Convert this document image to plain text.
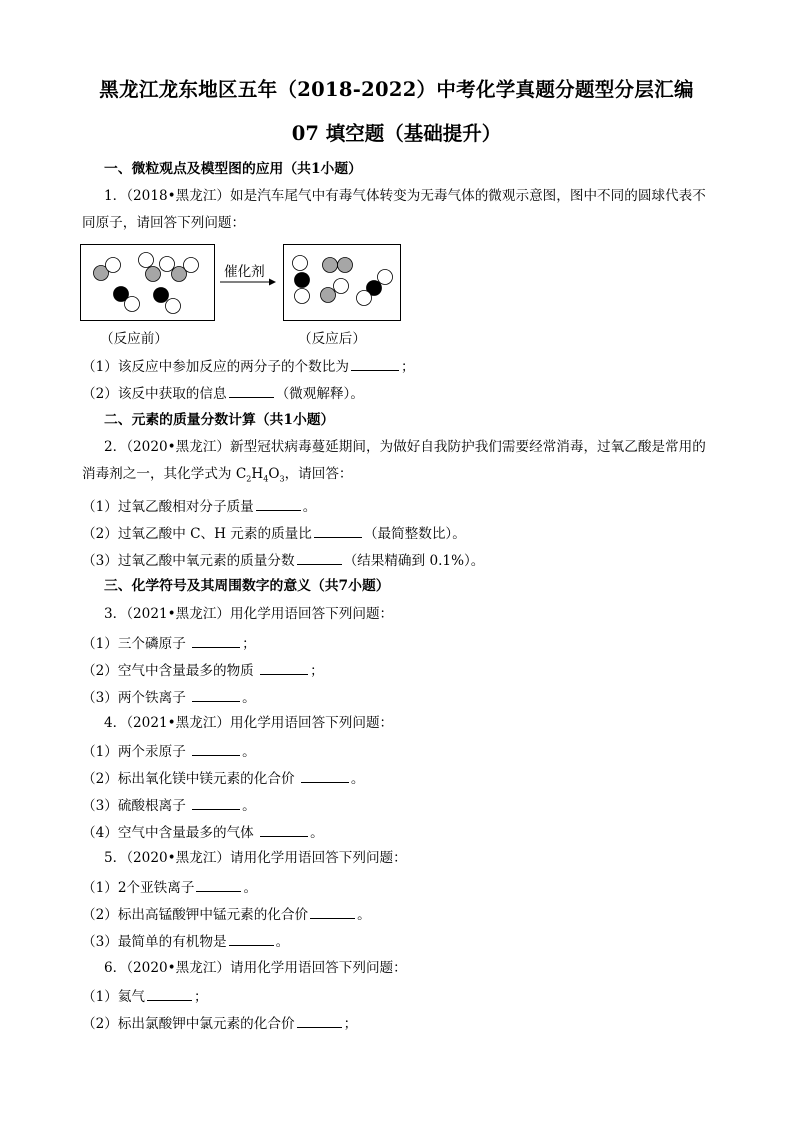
黑龙江龙东地区五年（2018-2022）中考化学真题分题型分层汇编
07 填空题（基础提升）
一、微粒观点及模型图的应用（共1小题）
1．（2018•黑龙江）如是汽车尾气中有毒气体转变为无毒气体的微观示意图，图中不同的圆球代表不
同原子，请回答下列问题：
催化剂
（反应前）	（反应后）
（1）该反应中参加反应的两分子的个数比为	；
（2）该反中获取的信息	（微观解释）。
二、元素的质量分数计算（共1小题）
2．（2020•黑龙江）新型冠状病毒蔓延期间，为做好自我防护我们需要经常消毒，过氧乙酸是常用的
消毒剂之一，其化学式为 $C_2H_4O_3$，请回答：
（1）过氧乙酸相对分子质量	。
（2）过氧乙酸中 C、H 元素的质量比	（最简整数比）。
（3）过氧乙酸中氧元素的质量分数	（结果精确到 0.1%）。
三、化学符号及其周围数字的意义（共7小题）
3．（2021•黑龙江）用化学用语回答下列问题：
（1）三个磷原子	；
（2）空气中含量最多的物质	；
（3）两个铁离子	。
4．（2021•黑龙江）用化学用语回答下列问题：
（1）两个汞原子	。
（2）标出氧化镁中镁元素的化合价	。
（3）硫酸根离子	。
（4）空气中含量最多的气体	。
5．（2020•黑龙江）请用化学用语回答下列问题：
（1）2个亚铁离子	。
（2）标出高锰酸钾中锰元素的化合价	。
（3）最简单的有机物是	。
6．（2020•黑龙江）请用化学用语回答下列问题：
（1）氦气	；
（2）标出氯酸钾中氯元素的化合价	；
